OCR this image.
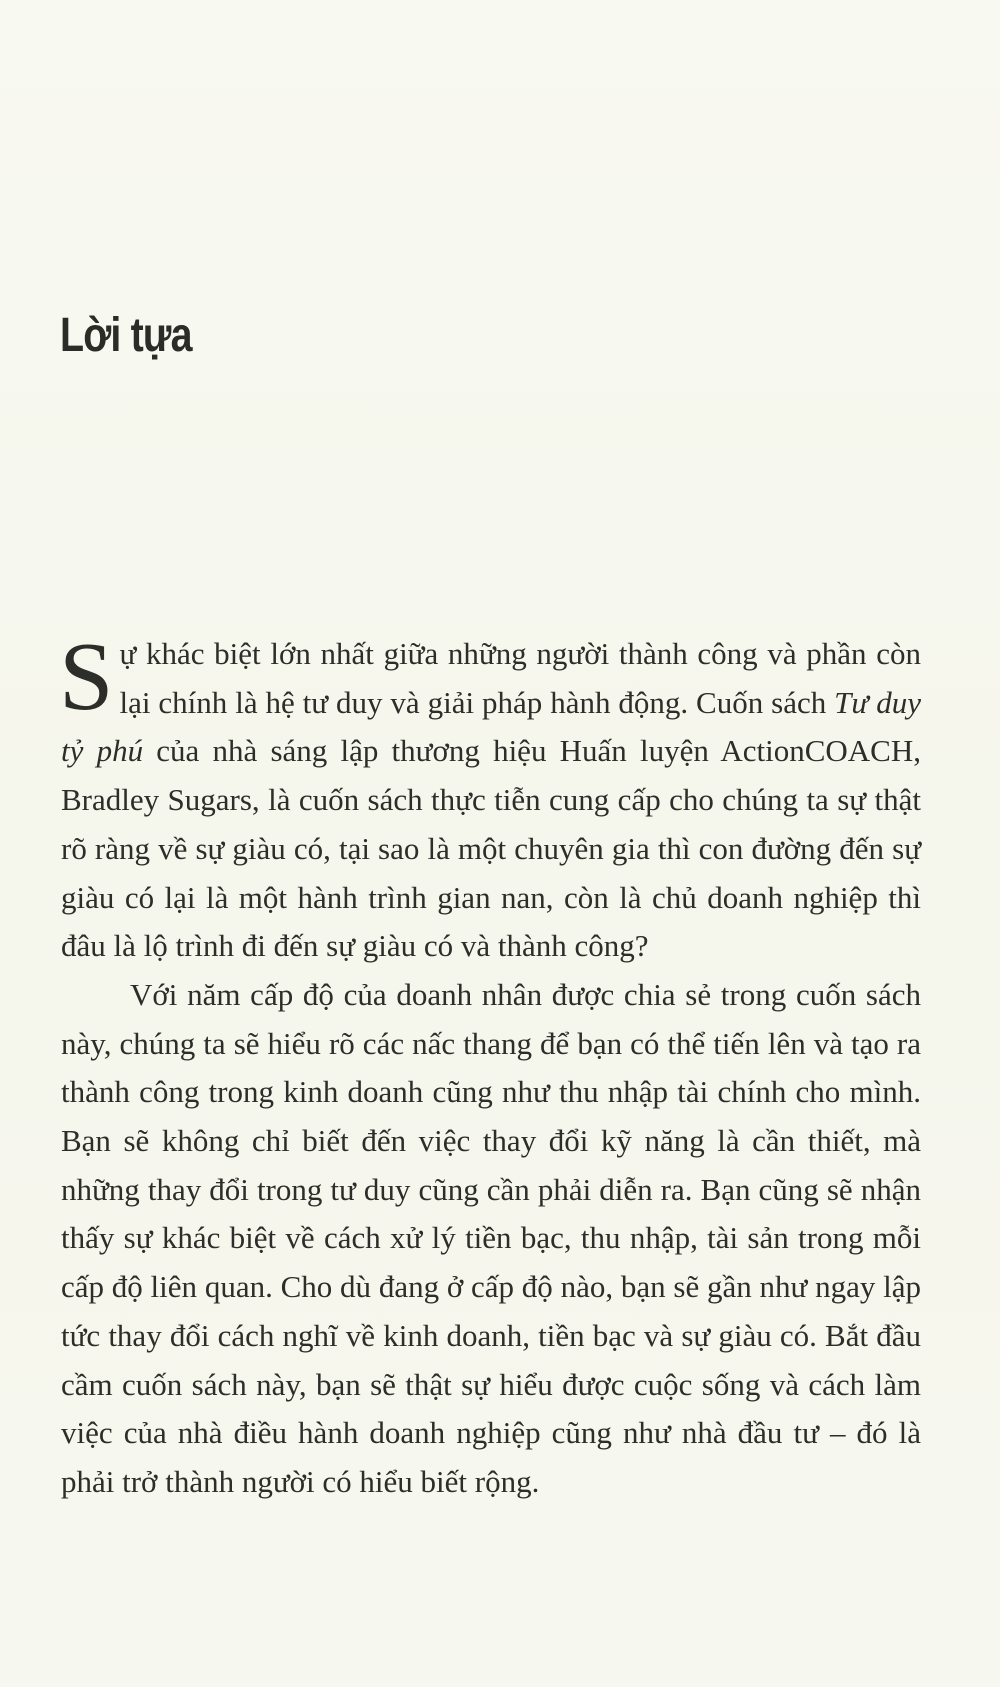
Lời tựa

Sự khác biệt lớn nhất giữa những người thành công và phần còn lại chính là hệ tư duy và giải pháp hành động. Cuốn sách Tư duy tỷ phú của nhà sáng lập thương hiệu Huấn luyện ActionCOACH, Bradley Sugars, là cuốn sách thực tiễn cung cấp cho chúng ta sự thật rõ ràng về sự giàu có, tại sao là một chuyên gia thì con đường đến sự giàu có lại là một hành trình gian nan, còn là chủ doanh nghiệp thì đâu là lộ trình đi đến sự giàu có và thành công?

Với năm cấp độ của doanh nhân được chia sẻ trong cuốn sách này, chúng ta sẽ hiểu rõ các nấc thang để bạn có thể tiến lên và tạo ra thành công trong kinh doanh cũng như thu nhập tài chính cho mình. Bạn sẽ không chỉ biết đến việc thay đổi kỹ năng là cần thiết, mà những thay đổi trong tư duy cũng cần phải diễn ra. Bạn cũng sẽ nhận thấy sự khác biệt về cách xử lý tiền bạc, thu nhập, tài sản trong mỗi cấp độ liên quan. Cho dù đang ở cấp độ nào, bạn sẽ gần như ngay lập tức thay đổi cách nghĩ về kinh doanh, tiền bạc và sự giàu có. Bắt đầu cầm cuốn sách này, bạn sẽ thật sự hiểu được cuộc sống và cách làm việc của nhà điều hành doanh nghiệp cũng như nhà đầu tư – đó là phải trở thành người có hiểu biết rộng.
